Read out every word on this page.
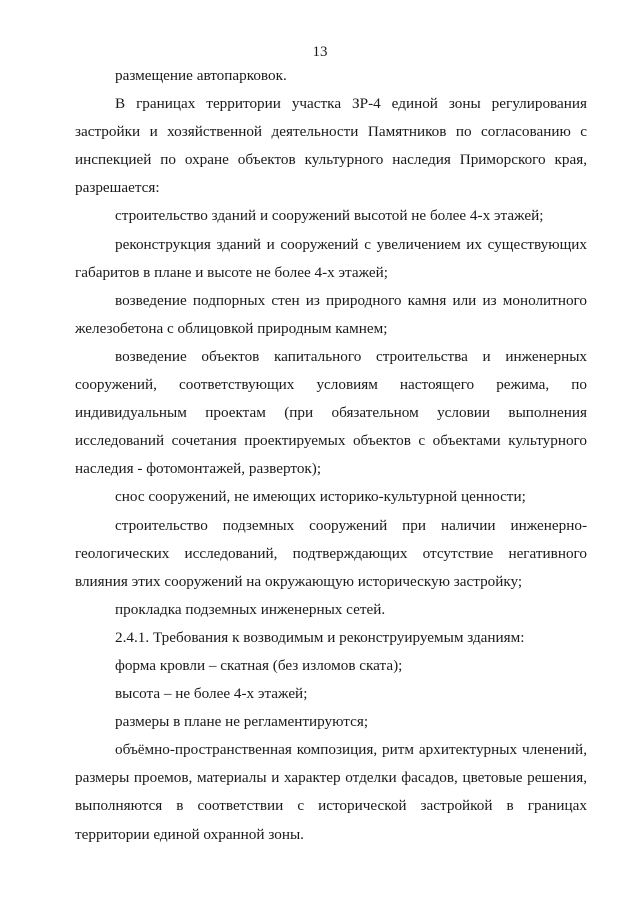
13

размещение автопарковок.

В границах территории участка ЗР-4 единой зоны регулирования застройки и хозяйственной деятельности Памятников по согласованию с инспекцией по охране объектов культурного наследия Приморского края, разрешается:

строительство зданий и сооружений высотой не более 4-х этажей;

реконструкция зданий и сооружений с увеличением их существующих габаритов в плане и высоте не более 4-х этажей;

возведение подпорных стен из природного камня или из монолитного железобетона с облицовкой природным камнем;

возведение объектов капитального строительства и инженерных сооружений, соответствующих условиям настоящего режима, по индивидуальным проектам (при обязательном условии выполнения исследований сочетания проектируемых объектов с объектами культурного наследия - фотомонтажей, разверток);

снос сооружений, не имеющих историко-культурной ценности;

строительство подземных сооружений при наличии инженерно-геологических исследований, подтверждающих отсутствие негативного влияния этих сооружений на окружающую историческую застройку;

прокладка подземных инженерных сетей.

2.4.1. Требования к возводимым и реконструируемым зданиям:

форма кровли – скатная (без изломов ската);

высота – не более 4-х этажей;

размеры в плане не регламентируются;

объёмно-пространственная композиция, ритм архитектурных членений, размеры проемов, материалы и характер отделки фасадов, цветовые решения, выполняются в соответствии с исторической застройкой в границах территории единой охранной зоны.
